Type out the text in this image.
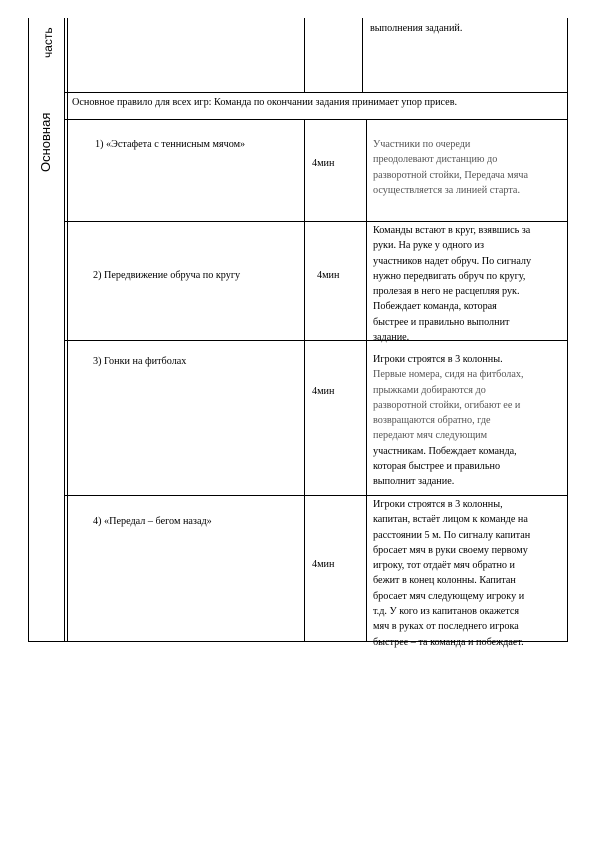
Основная
часть	выполнения заданий.
Основное правило для всех игр: Команда по окончании задания принимает упор присев.
1) «Эстафета с теннисным мячом»
4мин

Участники по очереди

преодолевают дистанцию до

разворотной стойки, Передача мяча

осуществляется за линией старта.

2) Передвижение обруча по кругу	4мин

Команды встают в круг, взявшись за

руки. На руке у одного из

участников надет обруч. По сигналу

нужно передвигать обруч по кругу,

пролезая в него не расцепляя рук.

Побеждает команда, которая

быстрее и правильно выполнит

задание.

3) Гонки на фитболах
4мин

Игроки строятся в 3 колонны.

Первые номера, сидя на фитболах,

прыжками добираются до

разворотной стойки, огибают ее и

возвращаются обратно, где

передают мяч следующим

участникам. Побеждает команда,

которая быстрее и правильно

выполнит задание.

4) «Передал – бегом назад»
4мин

Игроки строятся в 3 колонны,

капитан, встаёт лицом к команде на

расстоянии 5 м. По сигналу капитан

бросает мяч в руки своему первому

игроку, тот отдаёт мяч обратно и

бежит в конец колонны. Капитан

бросает мяч следующему игроку и

т.д. У кого из капитанов окажется

мяч в руках от последнего игрока

быстрее – та команда и побеждает.
